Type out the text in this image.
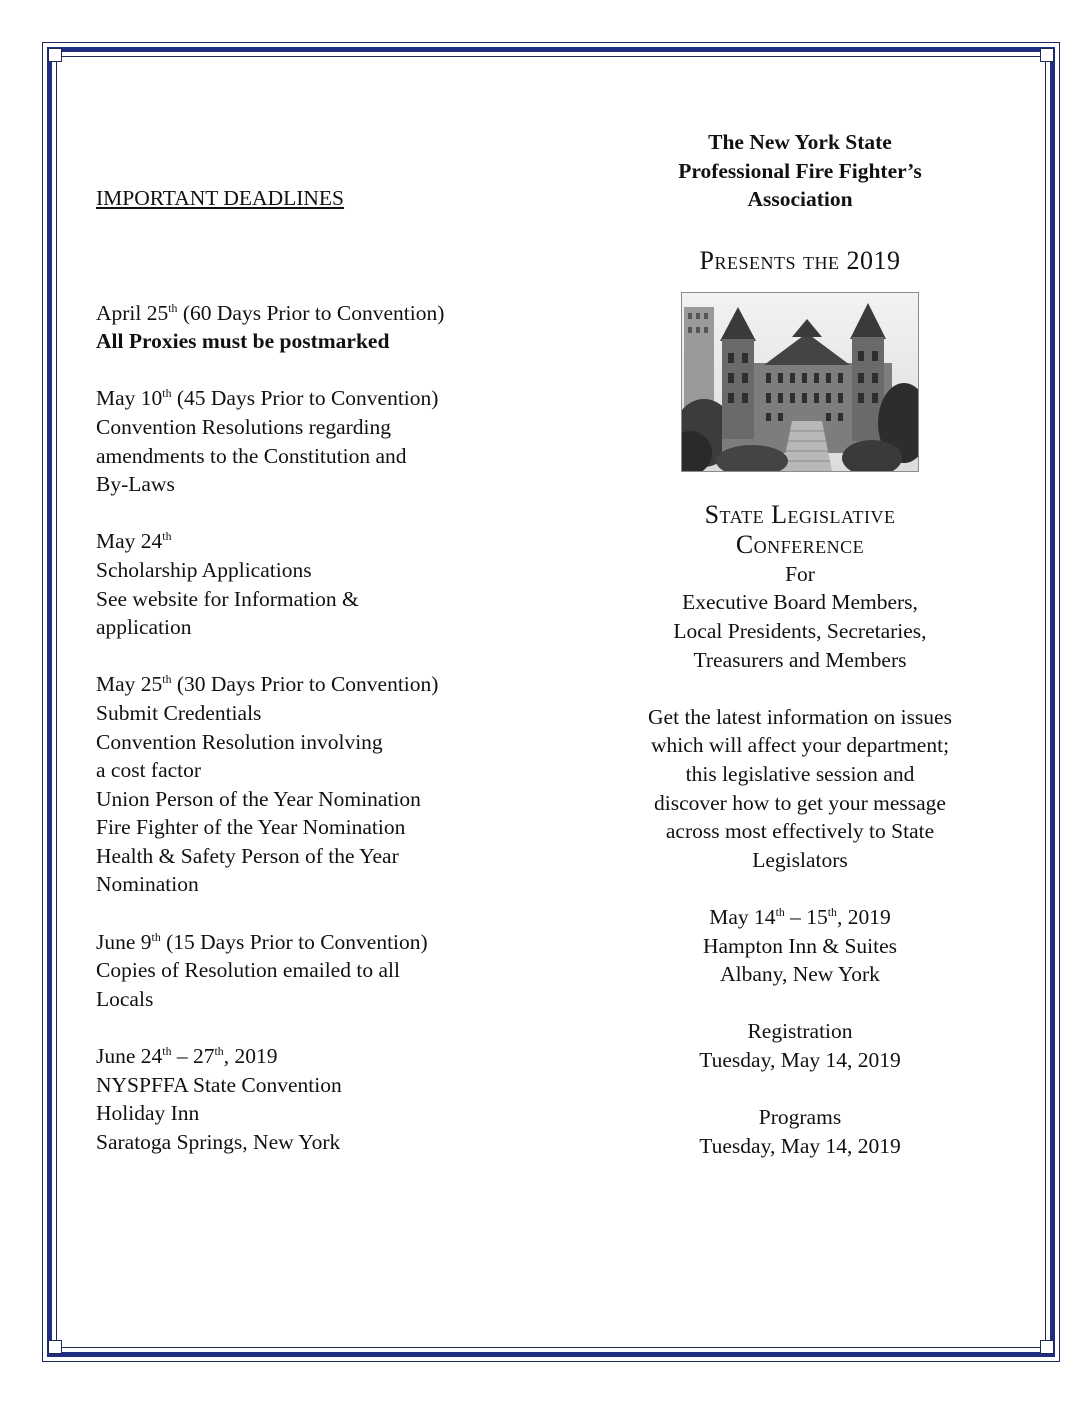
IMPORTANT DEADLINES

April 25th (60 Days Prior to Convention)
All Proxies must be postmarked
May 10th (45 Days Prior to Convention)
Convention Resolutions regarding
amendments to the Constitution and
By-Laws
May 24th
Scholarship Applications
See website for Information &
application
May 25th (30 Days Prior to Convention)
Submit Credentials
Convention Resolution involving
a cost factor
Union Person of the Year Nomination
Fire Fighter of the Year Nomination
Health & Safety Person of the Year
Nomination
June 9th (15 Days Prior to Convention)
Copies of Resolution emailed to all
Locals
June 24th – 27th, 2019
NYSPFFA State Convention
Holiday Inn
Saratoga Springs, New York
The New York State
Professional Fire Fighter’s
Association

Presents the 2019

State Legislative
Conference
For
Executive Board Members,
Local Presidents, Secretaries,
Treasurers and Members
Get the latest information on issues
which will affect your department;
this legislative session and
discover how to get your message
across most effectively to State
Legislators
May 14th – 15th, 2019
Hampton Inn & Suites
Albany, New York
Registration
Tuesday, May 14, 2019
Programs
Tuesday, May 14, 2019
